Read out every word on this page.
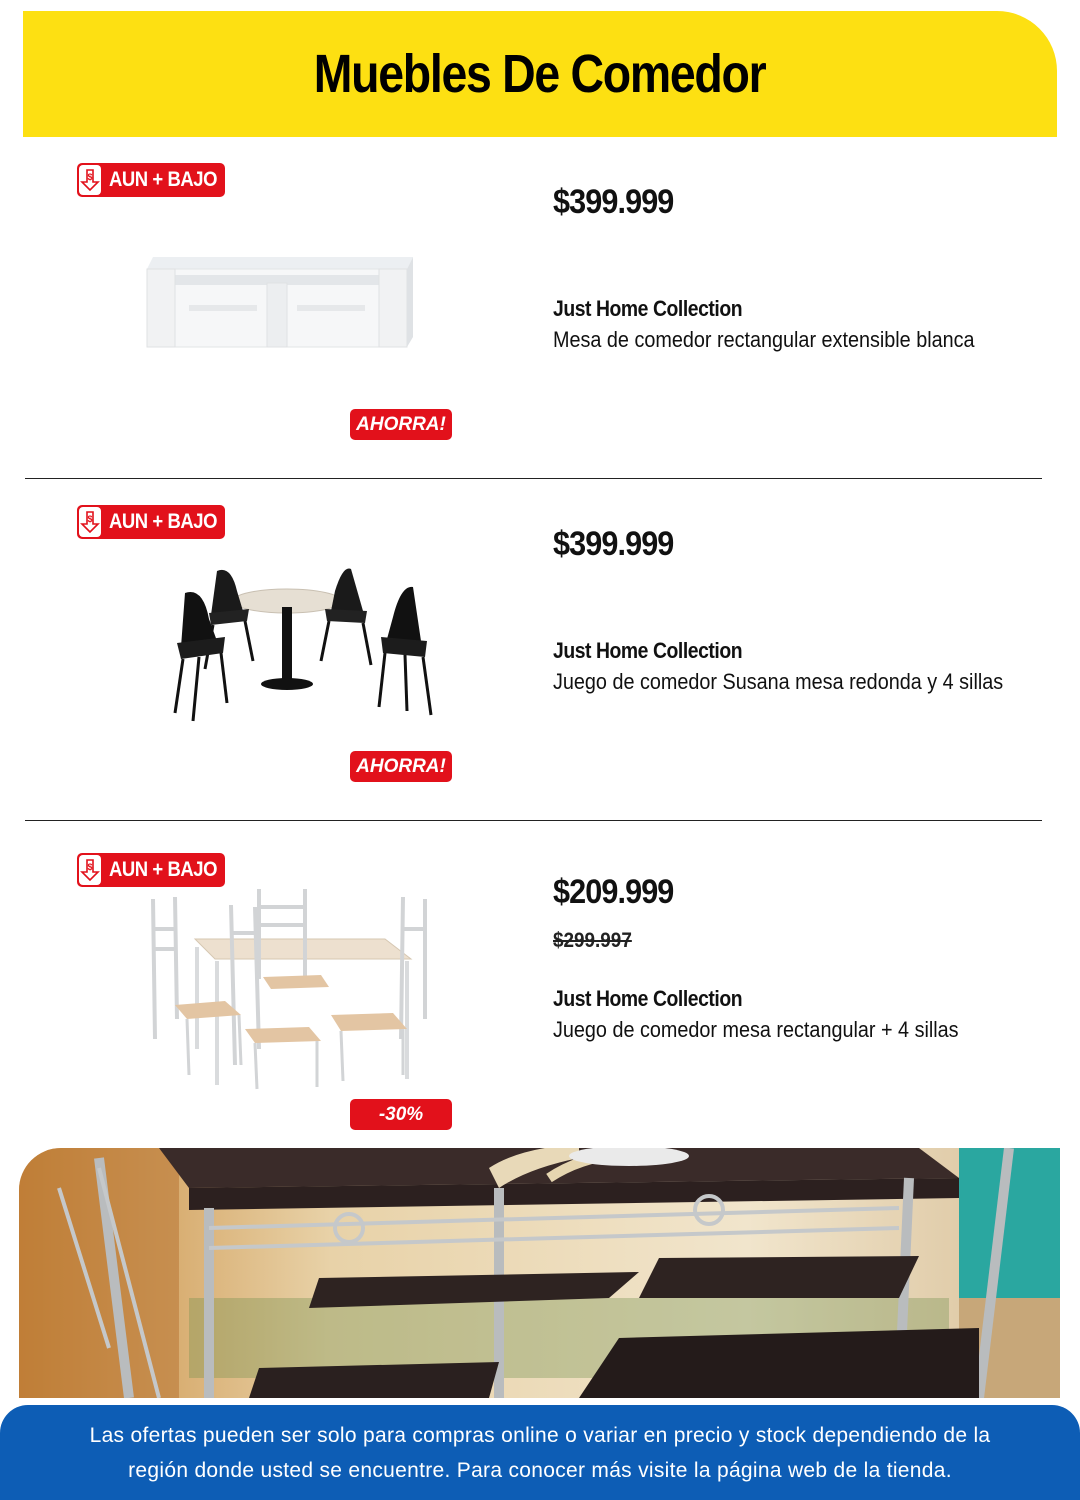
Muebles De Comedor
$ AUN + BAJO
AHORRA!
$399.999
Just Home Collection
Mesa de comedor rectangular extensible blanca
$ AUN + BAJO
AHORRA!
$399.999
Just Home Collection
Juego de comedor Susana mesa redonda y 4 sillas
$ AUN + BAJO
-30%
$209.999
$299.997
Just Home Collection
Juego de comedor mesa rectangular + 4 sillas

Las ofertas pueden ser solo para compras online o variar en precio y stock dependiendo de la región donde usted se encuentre. Para conocer más visite la página web de la tienda.
